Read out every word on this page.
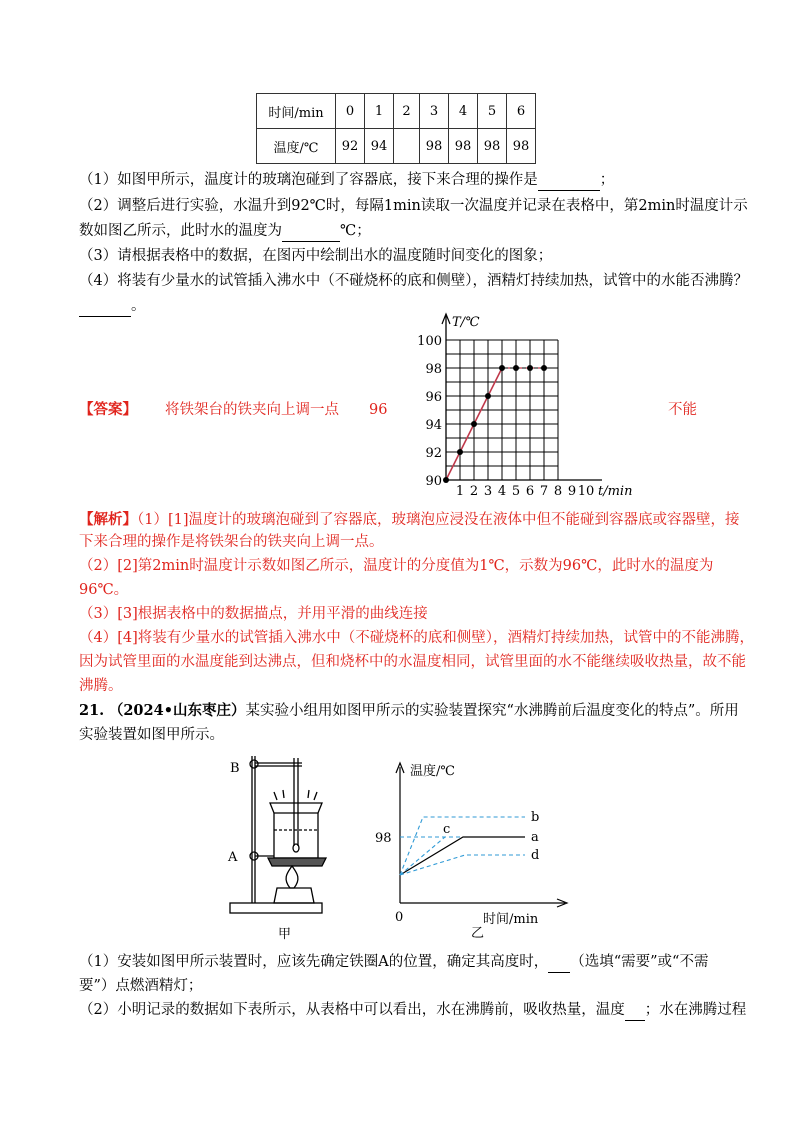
时间/min	0	1	2	3	4	5	6
温度/℃	92	94		98	98	98	98
（1）如图甲所示，温度计的玻璃泡碰到了容器底，接下来合理的操作是	；
（2）调整后进行实验，水温升到92℃时，每隔1min读取一次温度并记录在表格中，第2min时温度计示
数如图乙所示，此时水的温度为	℃；
（3）请根据表格中的数据，在图丙中绘制出水的温度随时间变化的图象；
（4）将装有少量水的试管插入沸水中（不碰烧杯的底和侧壁），酒精灯持续加热，试管中的水能否沸腾？
。
【答案】 将铁架台的铁夹向上调一点 96	不能
90
92
94
96
98
100
1 2 3 4 5 6 7 8 9 10
T/℃
t/min
【解析】（1）[1]温度计的玻璃泡碰到了容器底，玻璃泡应浸没在液体中但不能碰到容器底或容器壁，接
下来合理的操作是将铁架台的铁夹向上调一点。
（2）[2]第2min时温度计示数如图乙所示，温度计的分度值为1℃，示数为96℃，此时水的温度为
96℃。
（3）[3]根据表格中的数据描点，并用平滑的曲线连接
（4）[4]将装有少量水的试管插入沸水中（不碰烧杯的底和侧壁），酒精灯持续加热，试管中的不能沸腾，
因为试管里面的水温度能到达沸点，但和烧杯中的水温度相同，试管里面的水不能继续吸收热量，故不能
沸腾。
21. （2024•山东枣庄）某实验小组用如图甲所示的实验装置探究“水沸腾前后温度变化的特点”。所用
实验装置如图甲所示。
B
A
甲
温度/℃
98
0	时间/min
b
c
a
d
乙
（1）安装如图甲所示装置时，应该先确定铁圈A的位置，确定其高度时， （选填“需要”或“不需
要”）点燃酒精灯；
（2）小明记录的数据如下表所示，从表格中可以看出，水在沸腾前，吸收热量，温度 ；水在沸腾过程
